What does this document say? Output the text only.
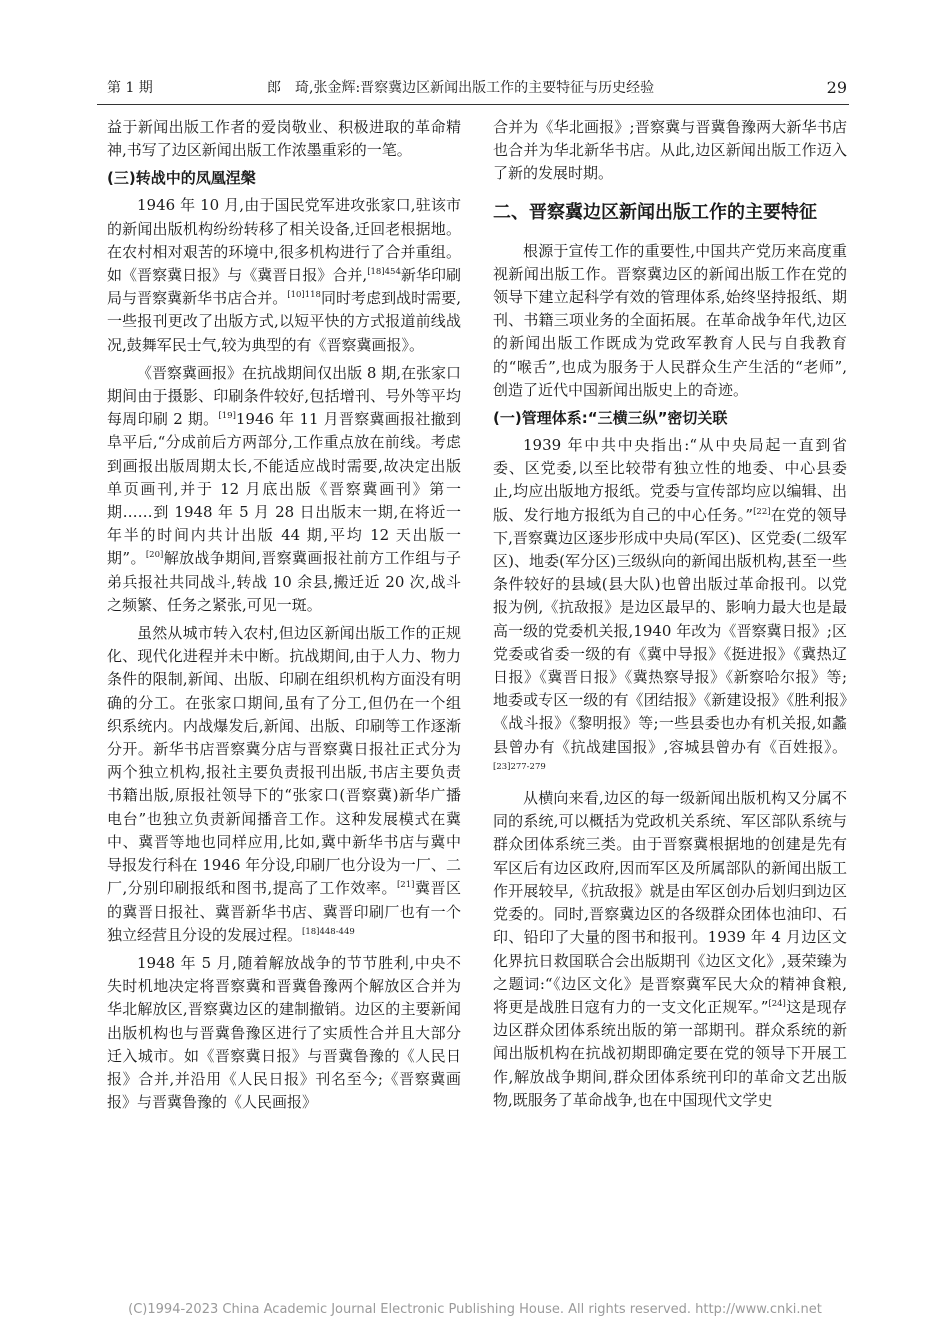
第 1 期	郎　琦,张金辉:晋察冀边区新闻出版工作的主要特征与历史经验	29

益于新闻出版工作者的爱岗敬业、积极进取的革命精神,书写了边区新闻出版工作浓墨重彩的一笔。

(三)转战中的凤凰涅槃

1946 年 10 月,由于国民党军进攻张家口,驻该市的新闻出版机构纷纷转移了相关设备,迁回老根据地。在农村相对艰苦的环境中,很多机构进行了合并重组。如《晋察冀日报》与《冀晋日报》合并,$^{[18]454}$新华印刷局与晋察冀新华书店合并。$^{[10]118}$同时考虑到战时需要,一些报刊更改了出版方式,以短平快的方式报道前线战况,鼓舞军民士气,较为典型的有《晋察冀画报》。

《晋察冀画报》在抗战期间仅出版 8 期,在张家口期间由于摄影、印刷条件较好,包括增刊、号外等平均每周印刷 2 期。[19]1946 年 11 月晋察冀画报社撤到阜平后,“分成前后方两部分,工作重点放在前线。考虑到画报出版周期太长,不能适应战时需要,故决定出版单页画刊,并于 12 月底出版《晋察冀画刊》第一期……到 1948 年 5 月 28 日出版末一期,在将近一年半的时间内共计出版 44 期,平均 12 天出版一期”。[20]解放战争期间,晋察冀画报社前方工作组与子弟兵报社共同战斗,转战 10 余县,搬迁近 20 次,战斗之频繁、任务之紧张,可见一斑。

虽然从城市转入农村,但边区新闻出版工作的正规化、现代化进程并未中断。抗战期间,由于人力、物力条件的限制,新闻、出版、印刷在组织机构方面没有明确的分工。在张家口期间,虽有了分工,但仍在一个组织系统内。内战爆发后,新闻、出版、印刷等工作逐渐分开。新华书店晋察冀分店与晋察冀日报社正式分为两个独立机构,报社主要负责报刊出版,书店主要负责书籍出版,原报社领导下的“张家口(晋察冀)新华广播电台”也独立负责新闻播音工作。这种发展模式在冀中、冀晋等地也同样应用,比如,冀中新华书店与冀中导报发行科在 1946 年分设,印刷厂也分设为一厂、二厂,分别印刷报纸和图书,提高了工作效率。[21]冀晋区的冀晋日报社、冀晋新华书店、冀晋印刷厂也有一个独立经营且分设的发展过程。$^{[18]448-449}$

1948 年 5 月,随着解放战争的节节胜利,中央不失时机地决定将晋察冀和晋冀鲁豫两个解放区合并为华北解放区,晋察冀边区的建制撤销。边区的主要新闻出版机构也与晋冀鲁豫区进行了实质性合并且大部分迁入城市。如《晋察冀日报》与晋冀鲁豫的《人民日报》合并,并沿用《人民日报》刊名至今;《晋察冀画报》与晋冀鲁豫的《人民画报》

合并为《华北画报》;晋察冀与晋冀鲁豫两大新华书店也合并为华北新华书店。从此,边区新闻出版工作迈入了新的发展时期。

二、晋察冀边区新闻出版工作的主要特征

根源于宣传工作的重要性,中国共产党历来高度重视新闻出版工作。晋察冀边区的新闻出版工作在党的领导下建立起科学有效的管理体系,始终坚持报纸、期刊、书籍三项业务的全面拓展。在革命战争年代,边区的新闻出版工作既成为党政军教育人民与自我教育的“喉舌”,也成为服务于人民群众生产生活的“老师”,创造了近代中国新闻出版史上的奇迹。

(一)管理体系:“三横三纵”密切关联

1939 年中共中央指出:“从中央局起一直到省委、区党委,以至比较带有独立性的地委、中心县委止,均应出版地方报纸。党委与宣传部均应以编辑、出版、发行地方报纸为自己的中心任务。”[22]在党的领导下,晋察冀边区逐步形成中央局(军区)、区党委(二级军区)、地委(军分区)三级纵向的新闻出版机构,甚至一些条件较好的县域(县大队)也曾出版过革命报刊。以党报为例,《抗敌报》是边区最早的、影响力最大也是最高一级的党委机关报,1940 年改为《晋察冀日报》;区党委或省委一级的有《冀中导报》《挺进报》《冀热辽日报》《冀晋日报》《冀热察导报》《新察哈尔报》等;地委或专区一级的有《团结报》《新建设报》《胜利报》《战斗报》《黎明报》等;一些县委也办有机关报,如蠡县曾办有《抗战建国报》,容城县曾办有《百姓报》。$^{[23]277-279}$

从横向来看,边区的每一级新闻出版机构又分属不同的系统,可以概括为党政机关系统、军区部队系统与群众团体系统三类。由于晋察冀根据地的创建是先有军区后有边区政府,因而军区及所属部队的新闻出版工作开展较早,《抗敌报》就是由军区创办后划归到边区党委的。同时,晋察冀边区的各级群众团体也油印、石印、铅印了大量的图书和报刊。1939 年 4 月边区文化界抗日救国联合会出版期刊《边区文化》,聂荣臻为之题词:“《边区文化》是晋察冀军民大众的精神食粮,将更是战胜日寇有力的一支文化正规军。”[24]这是现存边区群众团体系统出版的第一部期刊。群众系统的新闻出版机构在抗战初期即确定要在党的领导下开展工作,解放战争期间,群众团体系统刊印的革命文艺出版物,既服务了革命战争,也在中国现代文学史

(C)1994-2023 China Academic Journal Electronic Publishing House. All rights reserved. http://www.cnki.net
